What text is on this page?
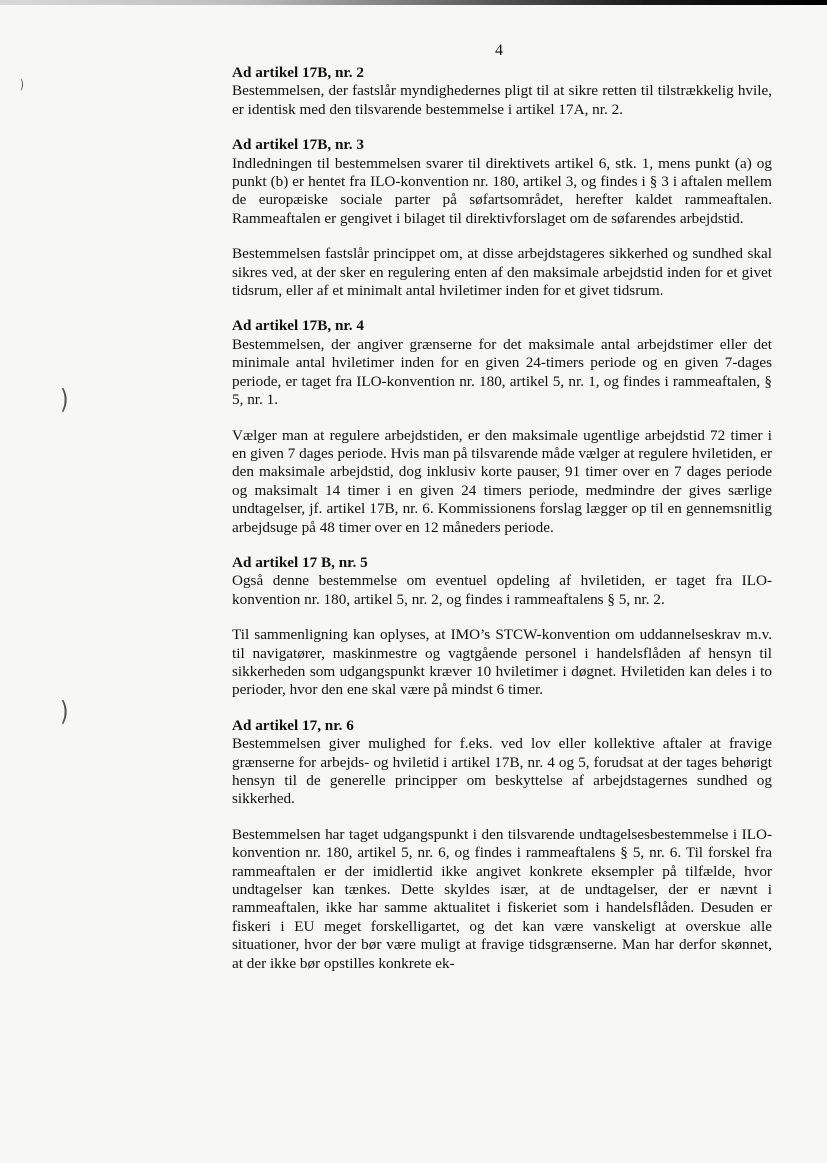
)
)
)
4

Ad artikel 17B, nr. 2

Bestemmelsen, der fastslår myndighedernes pligt til at sikre retten til tilstrækkelig hvile, er identisk med den tilsvarende bestemmelse i artikel 17A, nr. 2.

Ad artikel 17B, nr. 3

Indledningen til bestemmelsen svarer til direktivets artikel 6, stk. 1, mens punkt (a) og punkt (b) er hentet fra ILO-konvention nr. 180, artikel 3, og findes i § 3 i aftalen mellem de europæiske sociale parter på søfartsområdet, herefter kaldet rammeaftalen. Rammeaftalen er gengivet i bilaget til direktivforslaget om de søfarendes arbejdstid.

Bestemmelsen fastslår princippet om, at disse arbejdstageres sikkerhed og sundhed skal sikres ved, at der sker en regulering enten af den maksimale arbejdstid inden for et givet tidsrum, eller af et minimalt antal hviletimer inden for et givet tidsrum.

Ad artikel 17B, nr. 4

Bestemmelsen, der angiver grænserne for det maksimale antal arbejdstimer eller det minimale antal hviletimer inden for en given 24-timers periode og en given 7-dages periode, er taget fra ILO-konvention nr. 180, artikel 5, nr. 1, og findes i rammeaftalen, § 5, nr. 1.

Vælger man at regulere arbejdstiden, er den maksimale ugentlige arbejdstid 72 timer i en given 7 dages periode. Hvis man på tilsvarende måde vælger at regulere hviletiden, er den maksimale arbejdstid, dog inklusiv korte pauser, 91 timer over en 7 dages periode og maksimalt 14 timer i en given 24 timers periode, medmindre der gives særlige undtagelser, jf. artikel 17B, nr. 6. Kommissionens forslag lægger op til en gennemsnitlig arbejdsuge på 48 timer over en 12 måneders periode.

Ad artikel 17 B, nr. 5

Også denne bestemmelse om eventuel opdeling af hviletiden, er taget fra ILO-konvention nr. 180, artikel 5, nr. 2, og findes i rammeaftalens § 5, nr. 2.

Til sammenligning kan oplyses, at IMO’s STCW-konvention om uddannelseskrav m.v. til navigatører, maskinmestre og vagtgående personel i handelsflåden af hensyn til sikkerheden som udgangspunkt kræver 10 hviletimer i døgnet. Hviletiden kan deles i to perioder, hvor den ene skal være på mindst 6 timer.

Ad artikel 17, nr. 6

Bestemmelsen giver mulighed for f.eks. ved lov eller kollektive aftaler at fravige grænserne for arbejds- og hviletid i artikel 17B, nr. 4 og 5, forudsat at der tages behørigt hensyn til de generelle principper om beskyttelse af arbejdstagernes sundhed og sikkerhed.

Bestemmelsen har taget udgangspunkt i den tilsvarende undtagelsesbestemmelse i ILO-konvention nr. 180, artikel 5, nr. 6, og findes i rammeaftalens § 5, nr. 6. Til forskel fra rammeaftalen er der imidlertid ikke angivet konkrete eksempler på tilfælde, hvor undtagelser kan tænkes. Dette skyldes især, at de undtagelser, der er nævnt i rammeaftalen, ikke har samme aktualitet i fiskeriet som i handelsflåden. Desuden er fiskeri i EU meget forskelligartet, og det kan være vanskeligt at overskue alle situationer, hvor der bør være muligt at fravige tidsgrænserne. Man har derfor skønnet, at der ikke bør opstilles konkrete ek-
